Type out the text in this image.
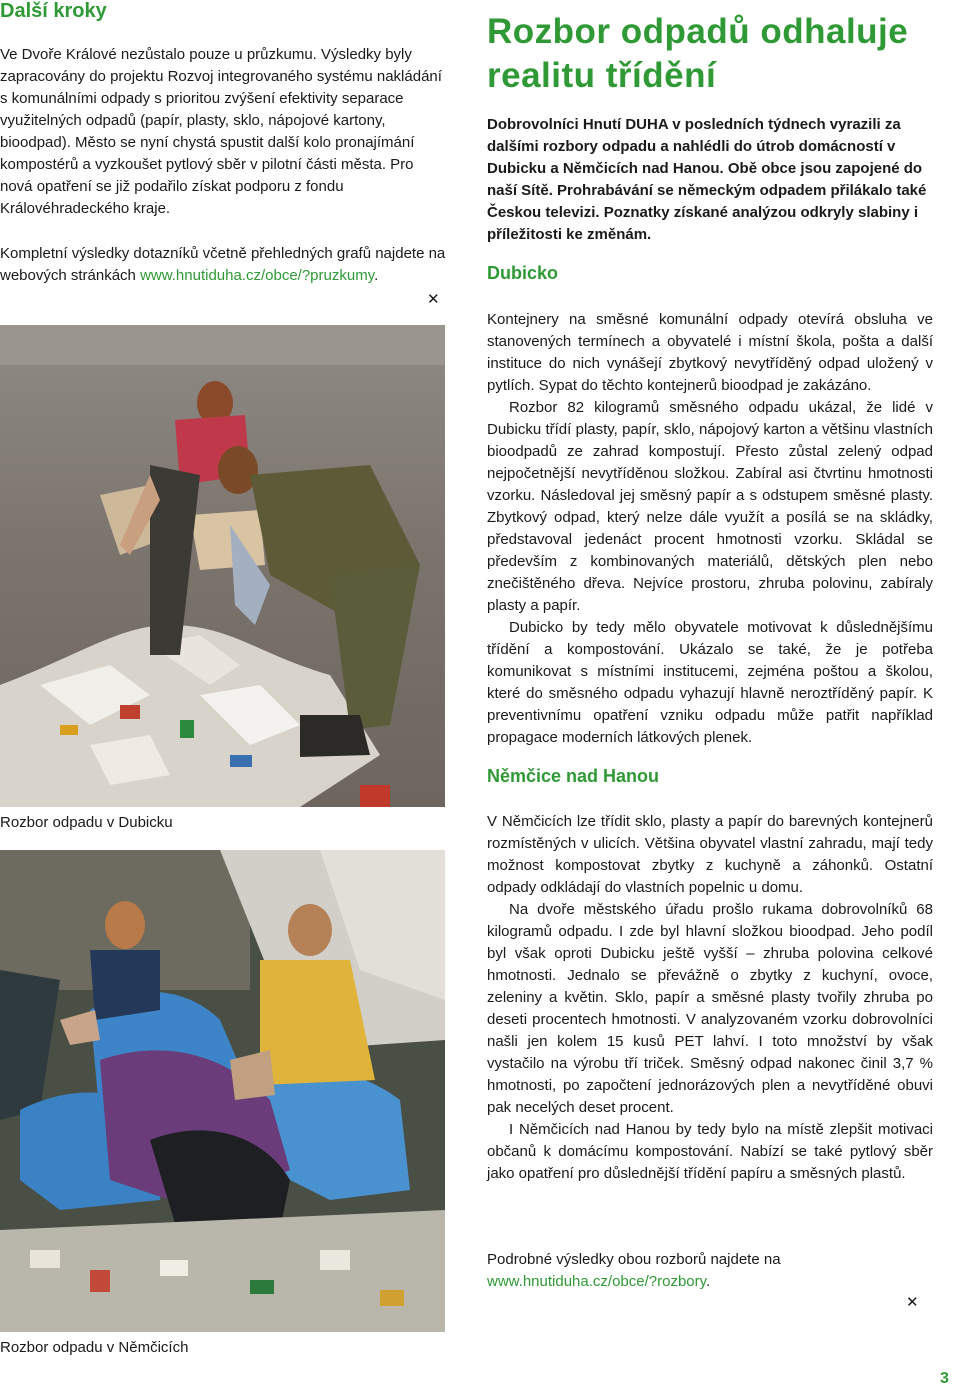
Další kroky

Ve Dvoře Králové nezůstalo pouze u průzkumu. Výsledky byly zapracovány do projektu Rozvoj integrovaného systému nakládání s komunálními odpady s prioritou zvýšení efektivity separace využitelných odpadů (papír, plasty, sklo, nápojové kartony, bioodpad). Město se nyní chystá spustit další kolo pronajímání kompostérů a vyzkoušet pytlový sběr v pilotní části města. Pro nová opatření se již podařilo získat podporu z fondu Královéhradeckého kraje.

Kompletní výsledky dotazníků včetně přehledných grafů najdete na webových stránkách www.hnutiduha.cz/obce/?pruzkumy.

✕
Rozbor odpadu v Dubicku
Rozbor odpadu v Němčicích
Rozbor odpadů odhaluje realitu třídění

Dobrovolníci Hnutí DUHA v posledních týdnech vyrazili za dalšími rozbory odpadu a nahlédli do útrob domácností v Dubicku a Němčicích nad Hanou. Obě obce jsou zapojené do naší Sítě. Prohrabávání se německým odpadem přilákalo také Českou televizi. Poznatky získané analýzou odkryly slabiny i příležitosti ke změnám.

Dubicko

Kontejnery na směsné komunální odpady otevírá obsluha ve stanovených termínech a obyvatelé i místní škola, pošta a další instituce do nich vynášejí zbytkový nevytříděný odpad uložený v pytlích. Sypat do těchto kontejnerů bioodpad je zakázáno.

Rozbor 82 kilogramů směsného odpadu ukázal, že lidé v Dubicku třídí plasty, papír, sklo, nápojový karton a většinu vlastních bioodpadů ze zahrad kompostují. Přesto zůstal zelený odpad nejpočetnější nevytříděnou složkou. Zabíral asi čtvrtinu hmotnosti vzorku. Následoval jej směsný papír a s odstupem směsné plasty. Zbytkový odpad, který nelze dále využít a posílá se na skládky, představoval jedenáct procent hmotnosti vzorku. Skládal se především z kombinovaných materiálů, dětských plen nebo znečištěného dřeva. Nejvíce prostoru, zhruba polovinu, zabíraly plasty a papír.

Dubicko by tedy mělo obyvatele motivovat k důslednějšímu třídění a kompostování. Ukázalo se také, že je potřeba komunikovat s místními institucemi, zejména poštou a školou, které do směsného odpadu vyhazují hlavně neroztříděný papír. K preventivnímu opatření vzniku odpadu může patřit například propagace moderních látkových plenek.

Němčice nad Hanou

V Němčicích lze třídit sklo, plasty a papír do barevných kontejnerů rozmístěných v ulicích. Většina obyvatel vlastní zahradu, mají tedy možnost kompostovat zbytky z kuchyně a záhonků. Ostatní odpady odkládají do vlastních popelnic u domu.

Na dvoře městského úřadu prošlo rukama dobrovolníků 68 kilogramů odpadu. I zde byl hlavní složkou bioodpad. Jeho podíl byl však oproti Dubicku ještě vyšší – zhruba polovina celkové hmotnosti. Jednalo se převážně o zbytky z kuchyní, ovoce, zeleniny a květin. Sklo, papír a směsné plasty tvořily zhruba po deseti procentech hmotnosti. V analyzovaném vzorku dobrovolníci našli jen kolem 15 kusů PET lahví. I toto množství by však vystačilo na výrobu tří triček. Směsný odpad nakonec činil 3,7 % hmotnosti, po započtení jednorázových plen a nevytříděné obuvi pak necelých deset procent.

I Němčicích nad Hanou by tedy bylo na místě zlepšit motivaci občanů k domácímu kompostování. Nabízí se také pytlový sběr jako opatření pro důslednější třídění papíru a směsných plastů.

Podrobné výsledky obou rozborů najdete na www.hnutiduha.cz/obce/?rozbory.

✕
3
